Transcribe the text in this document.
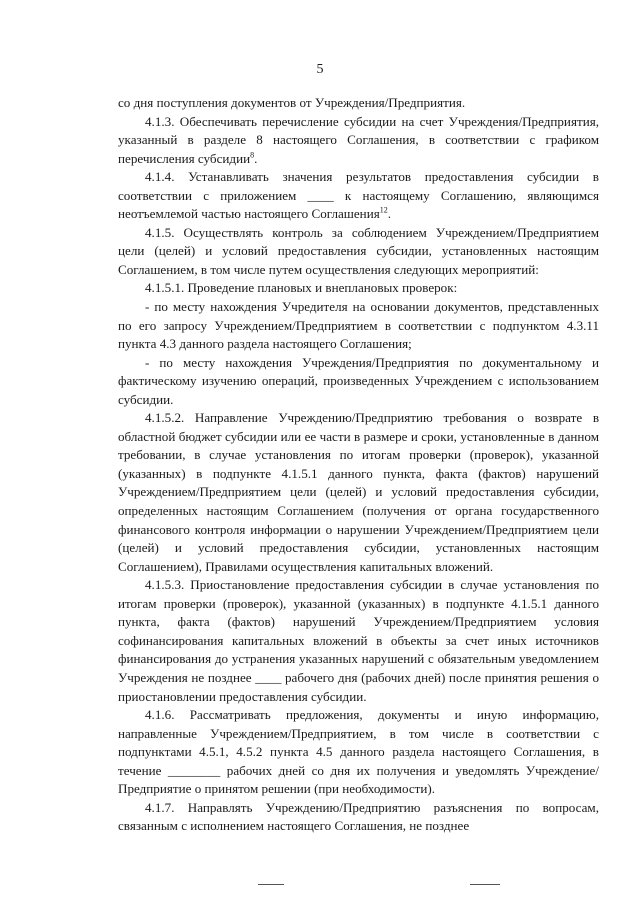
5

со дня поступления документов от Учреждения/Предприятия.

4.1.3. Обеспечивать перечисление субсидии на счет Учреждения/Предприятия, указанный в разделе 8 настоящего Соглашения, в соответствии с графиком перечисления субсидии$^8$.

4.1.4. Устанавливать значения результатов предоставления субсидии в соответствии с приложением ____ к настоящему Соглашению, являющимся неотъемлемой частью настоящего Соглашения$^{12}$.

4.1.5. Осуществлять контроль за соблюдением Учреждением/Предприятием цели (целей) и условий предоставления субсидии, установленных настоящим Соглашением, в том числе путем осуществления следующих мероприятий:

4.1.5.1. Проведение плановых и внеплановых проверок:

- по месту нахождения Учредителя на основании документов, представленных по его запросу Учреждением/Предприятием в соответствии с подпунктом 4.3.11 пункта 4.3 данного раздела настоящего Соглашения;

- по месту нахождения Учреждения/Предприятия по документальному и фактическому изучению операций, произведенных Учреждением с использованием субсидии.

4.1.5.2. Направление Учреждению/Предприятию требования о возврате в областной бюджет субсидии или ее части в размере и сроки, установленные в данном требовании, в случае установления по итогам проверки (проверок), указанной (указанных) в подпункте 4.1.5.1 данного пункта, факта (фактов) нарушений Учреждением/Предприятием цели (целей) и условий предоставления субсидии, определенных настоящим Соглашением (получения от органа государственного финансового контроля информации о нарушении Учреждением/Предприятием цели (целей) и условий предоставления субсидии, установленных настоящим Соглашением), Правилами осуществления капитальных вложений.

4.1.5.3. Приостановление предоставления субсидии в случае установления по итогам проверки (проверок), указанной (указанных) в подпункте 4.1.5.1 данного пункта, факта (фактов) нарушений Учреждением/Предприятием условия софинансирования капитальных вложений в объекты за счет иных источников финансирования до устранения указанных нарушений с обязательным уведомлением Учреждения не позднее ____ рабочего дня (рабочих дней) после принятия решения о приостановлении предоставления субсидии.

4.1.6. Рассматривать предложения, документы и иную информацию, направленные Учреждением/Предприятием, в том числе в соответствии с подпунктами 4.5.1, 4.5.2 пункта 4.5 данного раздела настоящего Соглашения, в течение ________ рабочих дней со дня их получения и уведомлять Учреждение/Предприятие о принятом решении (при необходимости).

4.1.7. Направлять Учреждению/Предприятию разъяснения по вопросам, связанным с исполнением настоящего Соглашения, не позднее
